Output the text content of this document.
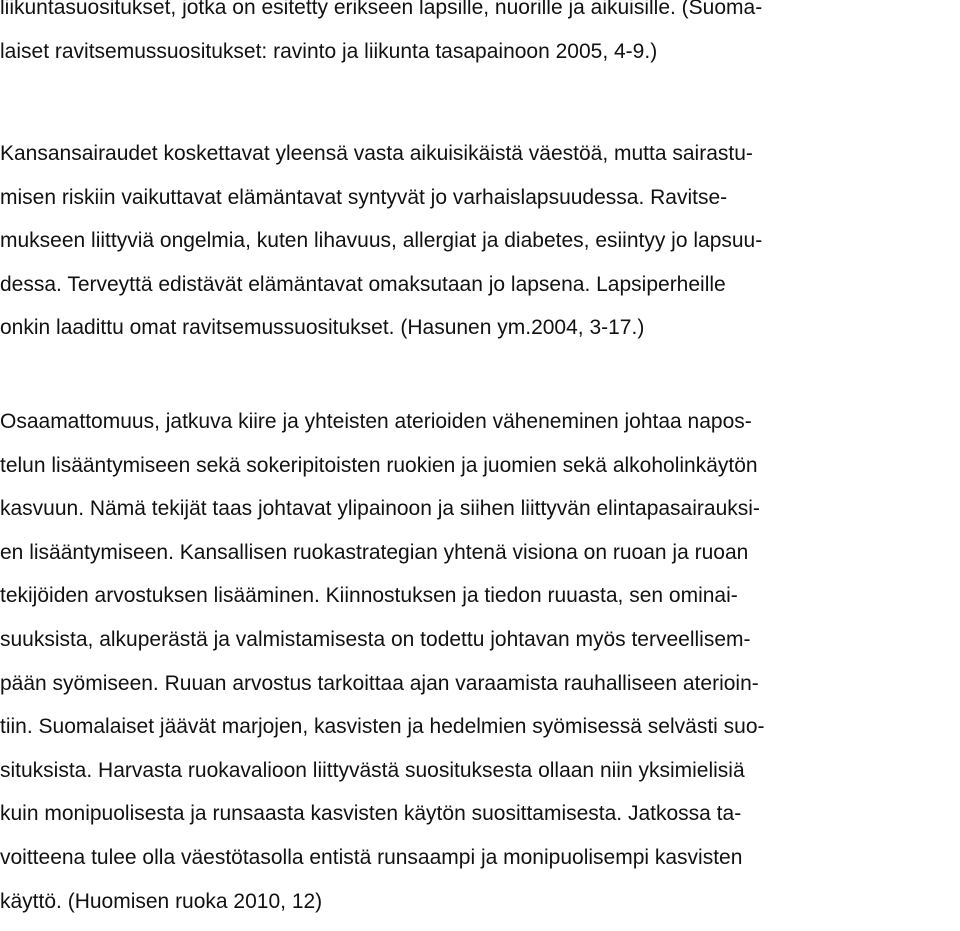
liikuntasuositukset, jotka on esitetty erikseen lapsille, nuorille ja aikuisille. (Suoma-
laiset ravitsemussuositukset: ravinto ja liikunta tasapainoon 2005, 4-9.)
Kansansairaudet koskettavat yleensä vasta aikuisikäistä väestöä, mutta sairastu-
misen riskiin vaikuttavat elämäntavat syntyvät jo varhaislapsuudessa. Ravitse-
mukseen liittyviä ongelmia, kuten lihavuus, allergiat ja diabetes, esiintyy jo lapsuu-
dessa. Terveyttä edistävät elämäntavat omaksutaan jo lapsena. Lapsiperheille
onkin laadittu omat ravitsemussuositukset. (Hasunen ym.2004, 3-17.)
Osaamattomuus, jatkuva kiire ja yhteisten aterioiden väheneminen johtaa napos-
telun lisääntymiseen sekä sokeripitoisten ruokien ja juomien sekä alkoholinkäytön
kasvuun. Nämä tekijät taas johtavat ylipainoon ja siihen liittyvän elintapasairauksi-
en lisääntymiseen. Kansallisen ruokastrategian yhtenä visiona on ruoan ja ruoan
tekijöiden arvostuksen lisääminen. Kiinnostuksen ja tiedon ruuasta, sen ominai-
suuksista, alkuperästä ja valmistamisesta on todettu johtavan myös terveellisem-
pään syömiseen. Ruuan arvostus tarkoittaa ajan varaamista rauhalliseen aterioin-
tiin. Suomalaiset jäävät marjojen, kasvisten ja hedelmien syömisessä selvästi suo-
situksista. Harvasta ruokavalioon liittyvästä suosituksesta ollaan niin yksimielisiä
kuin monipuolisesta ja runsaasta kasvisten käytön suosittamisesta. Jatkossa ta-
voitteena tulee olla väestötasolla entistä runsaampi ja monipuolisempi kasvisten
käyttö. (Huomisen ruoka 2010, 12)
